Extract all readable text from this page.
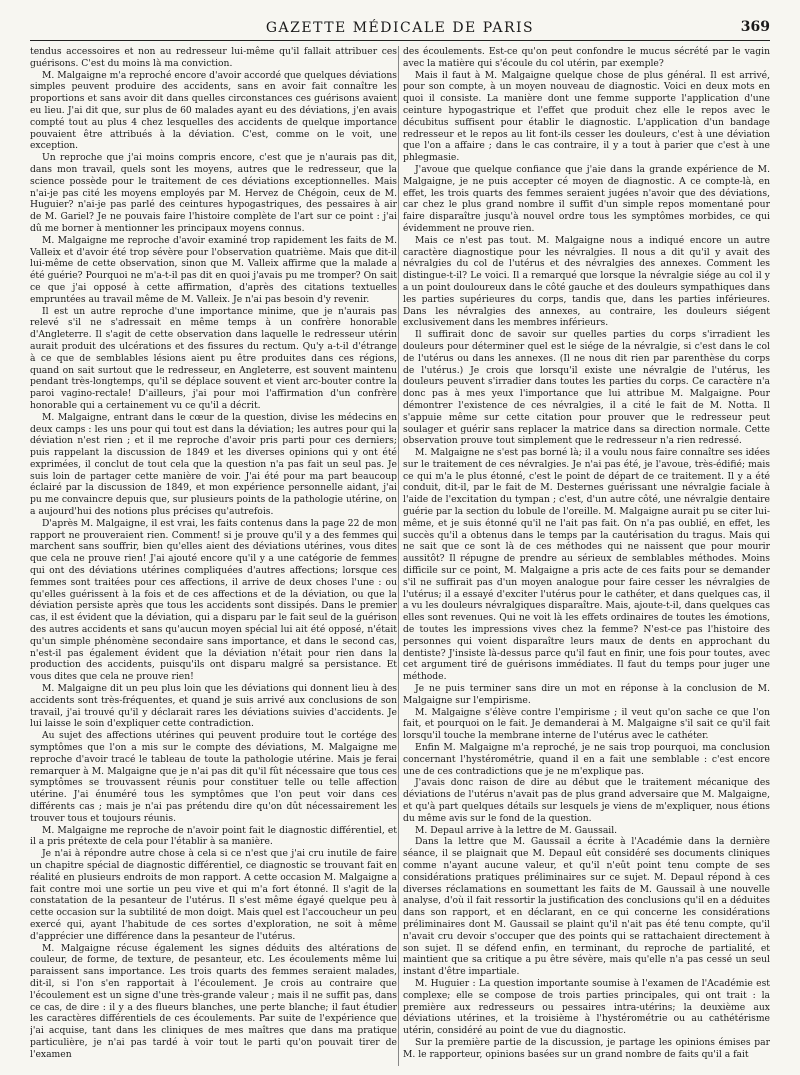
GAZETTE MÉDICALE DE PARIS	369

tendus accessoires et non au redresseur lui-même qu'il fallait attribuer ces guérisons. C'est du moins là ma conviction.

M. Malgaigne m'a reproché encore d'avoir accordé que quelques déviations simples peuvent produire des accidents, sans en avoir fait connaître les proportions et sans avoir dit dans quelles circonstances ces guérisons avaient eu lieu. J'ai dit que, sur plus de 60 malades ayant eu des déviations, j'en avais compté tout au plus 4 chez lesquelles des accidents de quelque importance pouvaient être attribués à la déviation. C'est, comme on le voit, une exception.

Un reproche que j'ai moins compris encore, c'est que je n'aurais pas dit, dans mon travail, quels sont les moyens, autres que le redresseur, que la science possède pour le traitement de ces déviations exceptionnelles. Mais n'ai-je pas cité les moyens employés par M. Hervez de Chégoin, ceux de M. Huguier? n'ai-je pas parlé des ceintures hypogastriques, des pessaires à air de M. Gariel? Je ne pouvais faire l'histoire complète de l'art sur ce point : j'ai dû me borner à mentionner les principaux moyens connus.

M. Malgaigne me reproche d'avoir examiné trop rapidement les faits de M. Valleix et d'avoir été trop sévère pour l'observation quatrième. Mais que dit-il lui-même de cette observation, sinon que M. Valleix affirme que la malade a été guérie? Pourquoi ne m'a-t-il pas dit en quoi j'avais pu me tromper? On sait ce que j'ai opposé à cette affirmation, d'après des citations textuelles empruntées au travail même de M. Valleix. Je n'ai pas besoin d'y revenir.

Il est un autre reproche d'une importance minime, que je n'aurais pas relevé s'il ne s'adressait en même temps à un confrère honorable d'Angleterre. Il s'agit de cette observation dans laquelle le redresseur utérin aurait produit des ulcérations et des fissures du rectum. Qu'y a-t-il d'étrange à ce que de semblables lésions aient pu être produites dans ces régions, quand on sait surtout que le redresseur, en Angleterre, est souvent maintenu pendant très-longtemps, qu'il se déplace souvent et vient arc-bouter contre la paroi vagino-rectale! D'ailleurs, j'ai pour moi l'affirmation d'un confrère honorable qui a certainement vu ce qu'il a décrit.

M. Malgaigne, entrant dans le cœur de la question, divise les médecins en deux camps : les uns pour qui tout est dans la déviation; les autres pour qui la déviation n'est rien ; et il me reproche d'avoir pris parti pour ces derniers; puis rappelant la discussion de 1849 et les diverses opinions qui y ont été exprimées, il conclut de tout cela que la question n'a pas fait un seul pas. Je suis loin de partager cette manière de voir. J'ai été pour ma part beaucoup éclairé par la discussion de 1849, et mon expérience personnelle aidant, j'ai pu me convaincre depuis que, sur plusieurs points de la pathologie utérine, on a aujourd'hui des notions plus précises qu'autrefois.

D'après M. Malgaigne, il est vrai, les faits contenus dans la page 22 de mon rapport ne prouveraient rien. Comment! si je prouve qu'il y a des femmes qui marchent sans souffrir, bien qu'elles aient des déviations utérines, vous dites que cela ne prouve rien! J'ai ajouté encore qu'il y a une catégorie de femmes qui ont des déviations utérines compliquées d'autres affections; lorsque ces femmes sont traitées pour ces affections, il arrive de deux choses l'une : ou qu'elles guérissent à la fois et de ces affections et de la déviation, ou que la déviation persiste après que tous les accidents sont dissipés. Dans le premier cas, il est évident que la déviation, qui a disparu par le fait seul de la guérison des autres accidents et sans qu'aucun moyen spécial lui ait été opposé, n'était qu'un simple phénomène secondaire sans importance, et dans le second cas, n'est-il pas également évident que la déviation n'était pour rien dans la production des accidents, puisqu'ils ont disparu malgré sa persistance. Et vous dites que cela ne prouve rien!

M. Malgaigne dit un peu plus loin que les déviations qui donnent lieu à des accidents sont très-fréquentes, et quand je suis arrivé aux conclusions de son travail, j'ai trouvé qu'il y déclarait rares les déviations suivies d'accidents. Je lui laisse le soin d'expliquer cette contradiction.

Au sujet des affections utérines qui peuvent produire tout le cortége des symptômes que l'on a mis sur le compte des déviations, M. Malgaigne me reproche d'avoir tracé le tableau de toute la pathologie utérine. Mais je ferai remarquer à M. Malgaigne que je n'ai pas dit qu'il fût nécessaire que tous ces symptômes se trouvassent réunis pour constituer telle ou telle affection utérine. J'ai énuméré tous les symptômes que l'on peut voir dans ces différents cas ; mais je n'ai pas prétendu dire qu'on dût nécessairement les trouver tous et toujours réunis.

M. Malgaigne me reproche de n'avoir point fait le diagnostic différentiel, et il a pris prétexte de cela pour l'établir à sa manière.

Je n'ai à répondre autre chose à cela si ce n'est que j'ai cru inutile de faire un chapitre spécial de diagnostic différentiel, ce diagnostic se trouvant fait en réalité en plusieurs endroits de mon rapport. A cette occasion M. Malgaigne a fait contre moi une sortie un peu vive et qui m'a fort étonné. Il s'agit de la constatation de la pesanteur de l'utérus. Il s'est même égayé quelque peu à cette occasion sur la subtilité de mon doigt. Mais quel est l'accoucheur un peu exercé qui, ayant l'habitude de ces sortes d'exploration, ne soit à même d'apprécier une différence dans la pesanteur de l'utérus.

M. Malgaigne récuse également les signes déduits des altérations de couleur, de forme, de texture, de pesanteur, etc. Les écoulements même lui paraissent sans importance. Les trois quarts des femmes seraient malades, dit-il, si l'on s'en rapportait à l'écoulement. Je crois au contraire que l'écoulement est un signe d'une très-grande valeur ; mais il ne suffit pas, dans ce cas, de dire : il y a des flueurs blanches, une perte blanche; il faut étudier les caractères différentiels de ces écoulements. Par suite de l'expérience que j'ai acquise, tant dans les cliniques de mes maîtres que dans ma pratique particulière, je n'ai pas tardé à voir tout le parti qu'on pouvait tirer de l'examen

des écoulements. Est-ce qu'on peut confondre le mucus sécrété par le vagin avec la matière qui s'écoule du col utérin, par exemple?

Mais il faut à M. Malgaigne quelque chose de plus général. Il est arrivé, pour son compte, à un moyen nouveau de diagnostic. Voici en deux mots en quoi il consiste. La manière dont une femme supporte l'application d'une ceinture hypogastrique et l'effet que produit chez elle le repos avec le décubitus suffisent pour établir le diagnostic. L'application d'un bandage redresseur et le repos au lit font-ils cesser les douleurs, c'est à une déviation que l'on a affaire ; dans le cas contraire, il y a tout à parier que c'est à une phlegmasie.

J'avoue que quelque confiance que j'aie dans la grande expérience de M. Malgaigne, je ne puis accepter cé moyen de diagnostic. A ce compte-là, en effet, les trois quarts des femmes seraient jugées n'avoir que des déviations, car chez le plus grand nombre il suffit d'un simple repos momentané pour faire disparaître jusqu'à nouvel ordre tous les symptômes morbides, ce qui évidemment ne prouve rien.

Mais ce n'est pas tout. M. Malgaigne nous a indiqué encore un autre caractère diagnostique pour les névralgies. Il nous a dit qu'il y avait des névralgies du col de l'utérus et des névralgies des annexes. Comment les distingue-t-il? Le voici. Il a remarqué que lorsque la névralgie siége au col il y a un point douloureux dans le côté gauche et des douleurs sympathiques dans les parties supérieures du corps, tandis que, dans les parties inférieures. Dans les névralgies des annexes, au contraire, les douleurs siégent exclusivement dans les membres inférieurs.

Il suffirait donc de savoir sur quelles parties du corps s'irradient les douleurs pour déterminer quel est le siége de la névralgie, si c'est dans le col de l'utérus ou dans les annexes. (Il ne nous dit rien par parenthèse du corps de l'utérus.) Je crois que lorsqu'il existe une névralgie de l'utérus, les douleurs peuvent s'irradier dans toutes les parties du corps. Ce caractère n'a donc pas à mes yeux l'importance que lui attribue M. Malgaigne. Pour démontrer l'existence de ces névralgies, il a cité le fait de M. Notta. Il s'appuie même sur cette citation pour prouver que le redresseur peut soulager et guérir sans replacer la matrice dans sa direction normale. Cette observation prouve tout simplement que le redresseur n'a rien redressé.

M. Malgaigne ne s'est pas borné là; il a voulu nous faire connaître ses idées sur le traitement de ces névralgies. Je n'ai pas été, je l'avoue, très-édifié; mais ce qui m'a le plus étonné, c'est le point de départ de ce traitement. Il y a été conduit, dit-il, par le fait de M. Desternes guérissant une névralgie faciale à l'aide de l'excitation du tympan ; c'est, d'un autre côté, une névralgie dentaire guérie par la section du lobule de l'oreille. M. Malgaigne aurait pu se citer lui-même, et je suis étonné qu'il ne l'ait pas fait. On n'a pas oublié, en effet, les succès qu'il a obtenus dans le temps par la cautérisation du tragus. Mais qui ne sait que ce sont là de ces méthodes qui ne naissent que pour mourir aussitôt? Il répugne de prendre au sérieux de semblables méthodes. Moins difficile sur ce point, M. Malgaigne a pris acte de ces faits pour se demander s'il ne suffirait pas d'un moyen analogue pour faire cesser les névralgies de l'utérus; il a essayé d'exciter l'utérus pour le cathéter, et dans quelques cas, il a vu les douleurs névralgiques disparaître. Mais, ajoute-t-il, dans quelques cas elles sont revenues. Qui ne voit là les effets ordinaires de toutes les émotions, de toutes les impressions vives chez la femme? N'est-ce pas l'histoire des personnes qui voient disparaître leurs maux de dents en approchant du dentiste? J'insiste là-dessus parce qu'il faut en finir, une fois pour toutes, avec cet argument tiré de guérisons immédiates. Il faut du temps pour juger une méthode.

Je ne puis terminer sans dire un mot en réponse à la conclusion de M. Malgaigne sur l'empirisme.

M. Malgaigne s'élève contre l'empirisme ; il veut qu'on sache ce que l'on fait, et pourquoi on le fait. Je demanderai à M. Malgaigne s'il sait ce qu'il fait lorsqu'il touche la membrane interne de l'utérus avec le cathéter.

Enfin M. Malgaigne m'a reproché, je ne sais trop pourquoi, ma conclusion concernant l'hystérométrie, quand il en a fait une semblable : c'est encore une de ces contradictions que je ne m'explique pas.

J'avais donc raison de dire au début que le traitement mécanique des déviations de l'utérus n'avait pas de plus grand adversaire que M. Malgaigne, et qu'à part quelques détails sur lesquels je viens de m'expliquer, nous étions du même avis sur le fond de la question.

M. Depaul arrive à la lettre de M. Gaussail.

Dans la lettre que M. Gaussail a écrite à l'Académie dans la dernière séance, il se plaignait que M. Depaul eût considéré ses documents cliniques comme n'ayant aucune valeur, et qu'il n'eût point tenu compte de ses considérations pratiques préliminaires sur ce sujet. M. Depaul répond à ces diverses réclamations en soumettant les faits de M. Gaussail à une nouvelle analyse, d'où il fait ressortir la justification des conclusions qu'il en a déduites dans son rapport, et en déclarant, en ce qui concerne les considérations préliminaires dont M. Gaussail se plaint qu'il n'ait pas été tenu compte, qu'il n'avait cru devoir s'occuper que des points qui se rattachaient directement à son sujet. Il se défend enfin, en terminant, du reproche de partialité, et maintient que sa critique a pu être sévère, mais qu'elle n'a pas cessé un seul instant d'être impartiale.

M. Huguier : La question importante soumise à l'examen de l'Académie est complexe; elle se compose de trois parties principales, qui ont trait : la première aux redresseurs ou pessaires intra-utérins; la deuxième aux déviations utérines, et la troisième à l'hystérométrie ou au cathétérisme utérin, considéré au point de vue du diagnostic.

Sur la première partie de la discussion, je partage les opinions émises par M. le rapporteur, opinions basées sur un grand nombre de faits qu'il a fait
